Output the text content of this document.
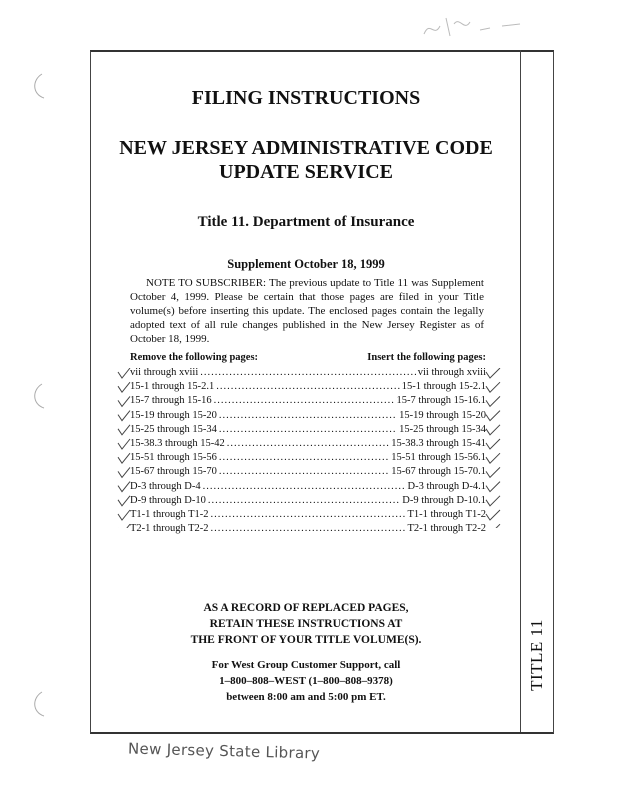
TITLE 11
FILING INSTRUCTIONS
NEW JERSEY ADMINISTRATIVE CODE
UPDATE SERVICE
Title 11. Department of Insurance
Supplement October 18, 1999
NOTE TO SUBSCRIBER: The previous update to Title 11 was Supplement October 4, 1999. Please be certain that those pages are filed in your Title volume(s) before inserting this update. The enclosed pages contain the legally adopted text of all rule changes published in the New Jersey Register as of October 18, 1999.
Remove the following pages:	Insert the following pages:
vii through xviii .....	vii through xviii
15-1 through 15-2.1 .....	15-1 through 15-2.1
15-7 through 15-16 .....	15-7 through 15-16.1
15-19 through 15-20 .....	15-19 through 15-20
15-25 through 15-34 .....	15-25 through 15-34
15-38.3 through 15-42 .....	15-38.3 through 15-41
15-51 through 15-56 .....	15-51 through 15-56.1
15-67 through 15-70 .....	15-67 through 15-70.1
D-3 through D-4 .....	D-3 through D-4.1
D-9 through D-10 .....	D-9 through D-10.1
T1-1 through T1-2 .....	T1-1 through T1-2
T2-1 through T2-2 .....	T2-1 through T2-2
AS A RECORD OF REPLACED PAGES,
RETAIN THESE INSTRUCTIONS AT
THE FRONT OF YOUR TITLE VOLUME(S).
For West Group Customer Support, call
1–800–808–WEST (1–800–808–9378)
between 8:00 am and 5:00 pm ET.
New Jersey State Library
